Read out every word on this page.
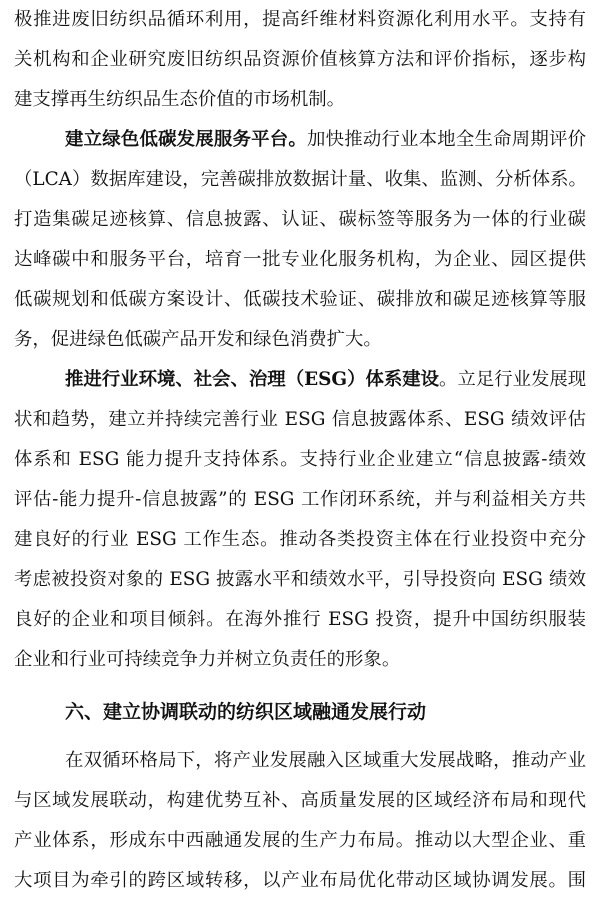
极推进废旧纺织品循环利用，提高纤维材料资源化利用水平。支持有
关机构和企业研究废旧纺织品资源价值核算方法和评价指标，逐步构
建支撑再生纺织品生态价值的市场机制。
建立绿色低碳发展服务平台。加快推动行业本地全生命周期评价
（LCA）数据库建设，完善碳排放数据计量、收集、监测、分析体系。
打造集碳足迹核算、信息披露、认证、碳标签等服务为一体的行业碳
达峰碳中和服务平台，培育一批专业化服务机构，为企业、园区提供
低碳规划和低碳方案设计、低碳技术验证、碳排放和碳足迹核算等服
务，促进绿色低碳产品开发和绿色消费扩大。
推进行业环境、社会、治理（ESG）体系建设。立足行业发展现
状和趋势，建立并持续完善行业 ESG 信息披露体系、ESG 绩效评估
体系和 ESG 能力提升支持体系。支持行业企业建立“信息披露-绩效
评估-能力提升-信息披露”的 ESG 工作闭环系统，并与利益相关方共
建良好的行业 ESG 工作生态。推动各类投资主体在行业投资中充分
考虑被投资对象的 ESG 披露水平和绩效水平，引导投资向 ESG 绩效
良好的企业和项目倾斜。在海外推行 ESG 投资，提升中国纺织服装
企业和行业可持续竞争力并树立负责任的形象。
六、建立协调联动的纺织区域融通发展行动
在双循环格局下，将产业发展融入区域重大发展战略，推动产业
与区域发展联动，构建优势互补、高质量发展的区域经济布局和现代
产业体系，形成东中西融通发展的生产力布局。推动以大型企业、重
大项目为牵引的跨区域转移，以产业布局优化带动区域协调发展。围
